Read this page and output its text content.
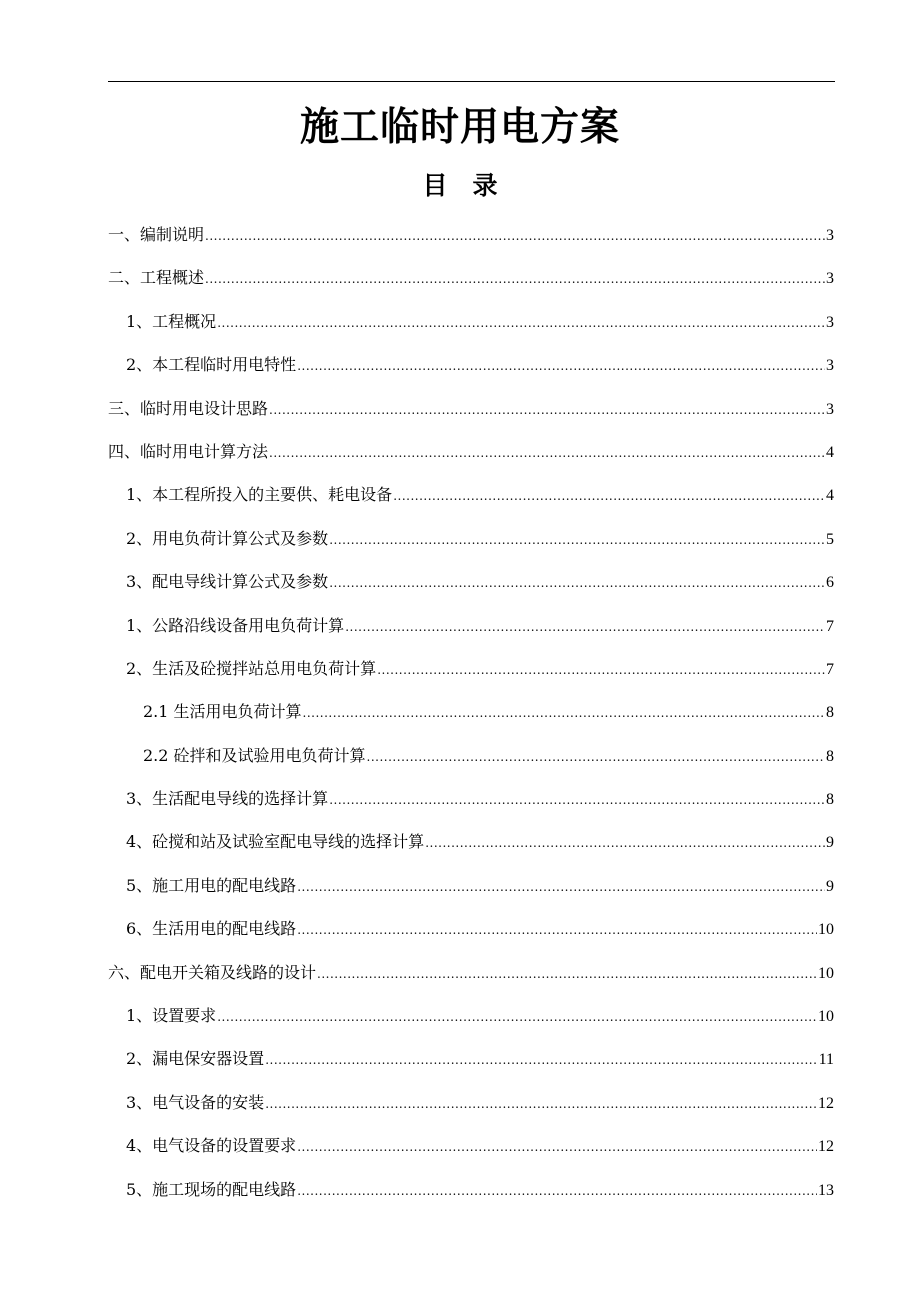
施工临时用电方案
目　录
一、编制说明 .....	3
二、工程概述 .....	3
1、工程概况 .....	3
2、本工程临时用电特性 .....	3
三、临时用电设计思路 .....	3
四、临时用电计算方法 .....	4
1、本工程所投入的主要供、耗电设备 .....	4
2、用电负荷计算公式及参数 .....	5
3、配电导线计算公式及参数 .....	6
1、公路沿线设备用电负荷计算 .....	7
2、生活及砼搅拌站总用电负荷计算 .....	7
2.1 生活用电负荷计算 .....	8
2.2 砼拌和及试验用电负荷计算 .....	8
3、生活配电导线的选择计算 .....	8
4、砼搅和站及试验室配电导线的选择计算 .....	9
5、施工用电的配电线路 .....	9
6、生活用电的配电线路 .....	10
六、配电开关箱及线路的设计 .....	10
1、设置要求 .....	10
2、漏电保安器设置 .....	11
3、电气设备的安装 .....	12
4、电气设备的设置要求 .....	12
5、施工现场的配电线路 .....	13
